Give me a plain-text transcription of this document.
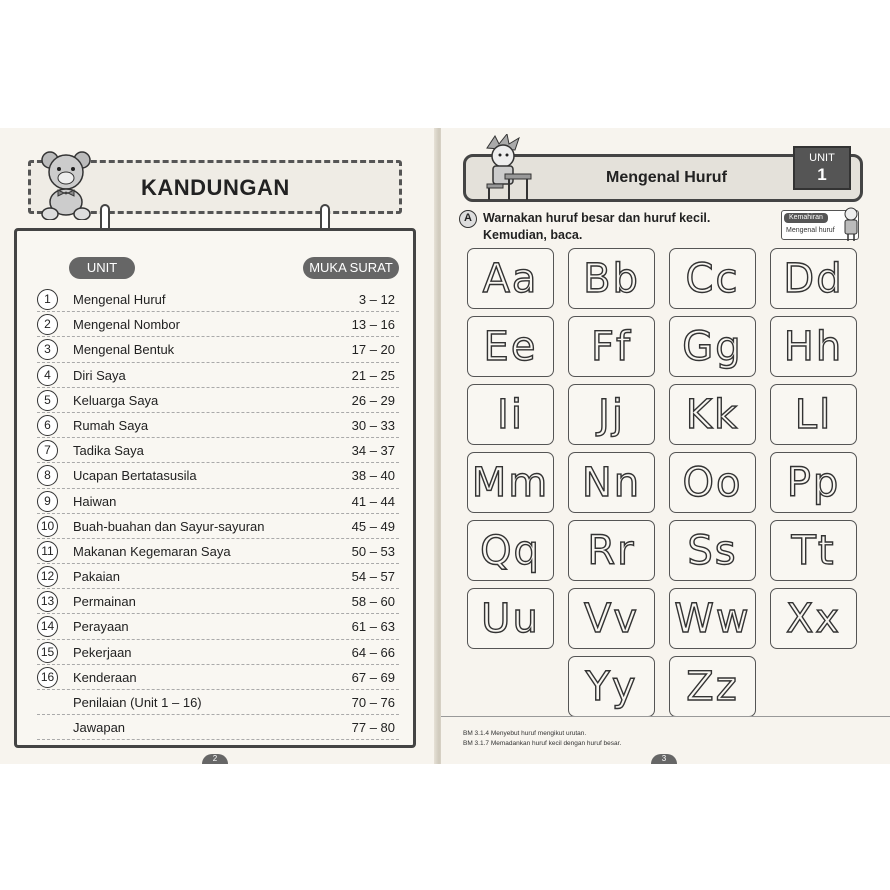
KANDUNGAN
UNIT	MUKA SURAT
1	Mengenal Huruf	3 – 12
2	Mengenal Nombor	13 – 16
3	Mengenal Bentuk	17 – 20
4	Diri Saya	21 – 25
5	Keluarga Saya	26 – 29
6	Rumah Saya	30 – 33
7	Tadika Saya	34 – 37
8	Ucapan Bertatasusila	38 – 40
9	Haiwan	41 – 44
10 Buah-buahan dan Sayur-sayuran	45 – 49
11	Makanan Kegemaran Saya	50 – 53
12 Pakaian	54 – 57
13 Permainan	58 – 60
14 Perayaan	61 – 63
15 Pekerjaan	64 – 66
16 Kenderaan	67 – 69
Penilaian (Unit 1 – 16)	70 – 76
Jawapan	77 – 80
2
Mengenal Huruf
UNIT
1
A Warnakan huruf besar dan huruf kecil.
Kemudian, baca.
Kemahiran
Mengenal huruf
Aa	Bb	Cc	Dd
Ee	Ff	Gg	Hh
Ii	Jj	Kk	Ll
Mm Nn	Oo	Pp
Qq	Rr	Ss	Tt
Uu	Vv Ww Xx
Yy	Zz
BM 3.1.4 Menyebut huruf mengikut urutan.
BM 3.1.7 Memadankan huruf kecil dengan huruf besar.
3
